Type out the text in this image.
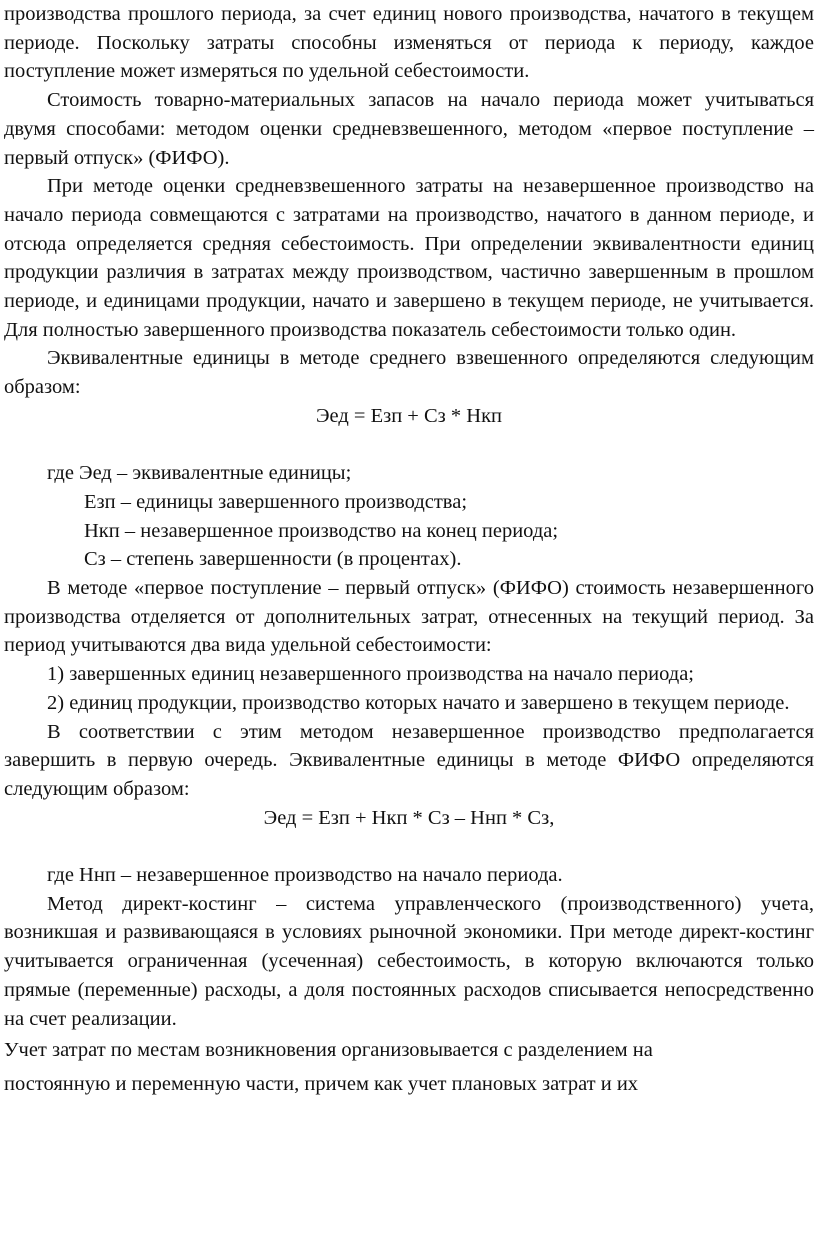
производства прошлого периода, за счет единиц нового производства, начатого в текущем периоде. Поскольку затраты способны изменяться от периода к периоду, каждое поступление может измеряться по удельной себестоимости.

Стоимость товарно-материальных запасов на начало периода может учитываться двумя способами: методом оценки средневзвешенного, методом «первое поступление – первый отпуск» (ФИФО).

При методе оценки средневзвешенного затраты на незавершенное производство на начало периода совмещаются с затратами на производство, начатого в данном периоде, и отсюда определяется средняя себестоимость. При определении эквивалентности единиц продукции различия в затратах между производством, частично завершенным в прошлом периоде, и единицами продукции, начато и завершено в текущем периоде, не учитывается. Для полностью завершенного производства показатель себестоимости только один.

Эквивалентные единицы в методе среднего взвешенного определяются следующим образом:

Эед = Езп + Сз * Нкп

где Эед – эквивалентные единицы;

Езп – единицы завершенного производства;

Нкп – незавершенное производство на конец периода;

Сз – степень завершенности (в процентах).

В методе «первое поступление – первый отпуск» (ФИФО) стоимость незавершенного производства отделяется от дополнительных затрат, отнесенных на текущий период. За период учитываются два вида удельной себестоимости:

1) завершенных единиц незавершенного производства на начало периода;

2) единиц продукции, производство которых начато и завершено в текущем периоде.

В соответствии с этим методом незавершенное производство предполагается завершить в первую очередь. Эквивалентные единицы в методе ФИФО определяются следующим образом:

Эед = Езп + Нкп * Сз – Ннп * Сз,

где Ннп – незавершенное производство на начало периода.

Метод директ-костинг – система управленческого (производственного) учета, возникшая и развивающаяся в условиях рыночной экономики. При методе директ-костинг учитывается ограниченная (усеченная) себестоимость, в которую включаются только прямые (переменные) расходы, а доля постоянных расходов списывается непосредственно на счет реализации.

Учет затрат по местам возникновения организовывается с разделением на

постоянную и переменную части, причем как учет плановых затрат и их
